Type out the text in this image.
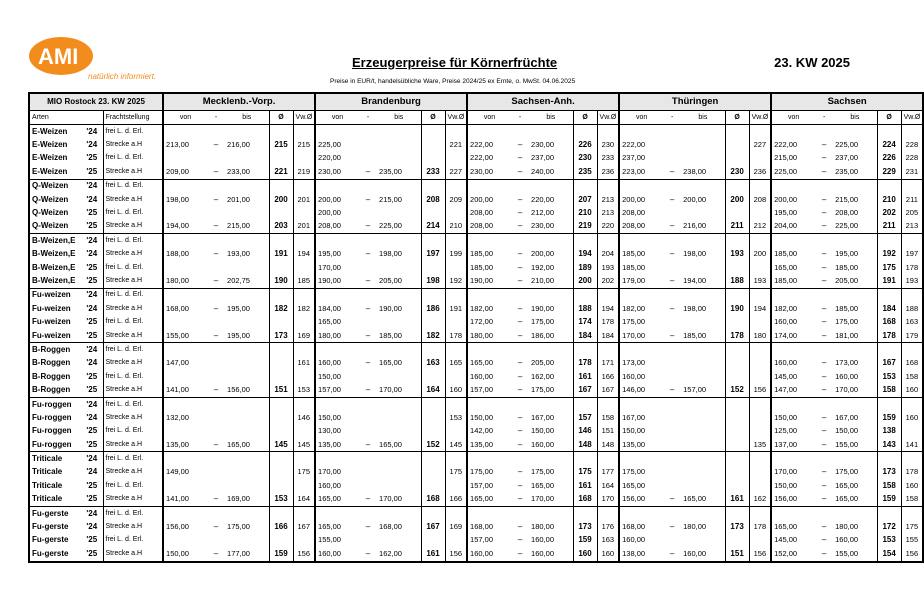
AMI
natürlich informiert.
Erzeugerpreise für Körnerfrüchte	23. KW 2025
Preise in EUR/t, handelsübliche Ware, Preise 2024/25 ex Ernte, o. MwSt. 04.06.2025
MIO Rostock 23. KW 2025			Mecklenb.-Vorp.					Brandenburg					Sachsen-Anh.					Thüringen					Sachsen				
Arten		Frachtstellung	von	-	bis	Ø	Vw.Ø	von	-	bis	Ø	Vw.Ø	von	-	bis	Ø	Vw.Ø	von	-	bis	Ø	Vw.Ø	von	-	bis	Ø	Vw.Ø
E-Weizen	'24	frei L. d. Erl.																									
E-Weizen	'24	Strecke a.H	213,00	–	216,00	215	215	225,00				221	222,00	–	230,00	226	230	222,00				227	222,00	–	225,00	224	228
E-Weizen	'25	frei L. d. Erl.						220,00					222,00	–	237,00	230	233	237,00					215,00	–	237,00	226	228
E-Weizen	'25	Strecke a.H	209,00	–	233,00	221	219	230,00	–	235,00	233	227	230,00	–	240,00	235	236	223,00	–	238,00	230	236	225,00	–	235,00	229	231
Q-Weizen	'24	frei L. d. Erl.																									
Q-Weizen	'24	Strecke a.H	198,00	–	201,00	200	201	200,00	–	215,00	208	209	200,00	–	220,00	207	213	200,00	–	200,00	200	208	200,00	–	215,00	210	211
Q-Weizen	'25	frei L. d. Erl.						200,00					208,00	–	212,00	210	213	208,00					195,00	–	208,00	202	205
Q-Weizen	'25	Strecke a.H	194,00	–	215,00	203	201	208,00	–	225,00	214	210	208,00	–	230,00	219	220	208,00	–	216,00	211	212	204,00	–	225,00	211	213
B-Weizen,E	'24	frei L. d. Erl.																									
B-Weizen,E	'24	Strecke a.H	188,00	–	193,00	191	194	195,00	–	198,00	197	199	185,00	–	200,00	194	204	185,00	–	198,00	193	200	185,00	–	195,00	192	197
B-Weizen,E	'25	frei L. d. Erl.						170,00					185,00	–	192,00	189	193	185,00					165,00	–	185,00	175	178
B-Weizen,E	'25	Strecke a.H	180,00	–	202,75	190	185	190,00	–	205,00	198	192	190,00	–	210,00	200	202	179,00	–	194,00	188	193	185,00	–	205,00	191	193
Fu-weizen	'24	frei L. d. Erl.																									
Fu-weizen	'24	Strecke a.H	168,00	–	195,00	182	182	184,00	–	190,00	186	191	182,00	–	190,00	188	194	182,00	–	198,00	190	194	182,00	–	185,00	184	188
Fu-weizen	'25	frei L. d. Erl.						165,00					172,00	–	175,00	174	178	175,00					160,00	–	175,00	168	163
Fu-weizen	'25	Strecke a.H	155,00	–	195,00	173	169	180,00	–	185,00	182	178	180,00	–	186,00	184	184	170,00	–	185,00	178	180	174,00	–	181,00	178	179
B-Roggen	'24	frei L. d. Erl.																									
B-Roggen	'24	Strecke a.H	147,00				161	160,00	–	165,00	163	165	165,00	–	205,00	178	171	173,00					160,00	–	173,00	167	168
B-Roggen	'25	frei L. d. Erl.						150,00					160,00	–	162,00	161	166	160,00					145,00	–	160,00	153	158
B-Roggen	'25	Strecke a.H	141,00	–	156,00	151	153	157,00	–	170,00	164	160	157,00	–	175,00	167	167	146,00	–	157,00	152	156	147,00	–	170,00	158	160
Fu-roggen	'24	frei L. d. Erl.																									
Fu-roggen	'24	Strecke a.H	132,00				146	150,00				153	150,00	–	167,00	157	158	167,00					150,00	–	167,00	159	160
Fu-roggen	'25	frei L. d. Erl.						130,00					142,00	–	150,00	146	151	150,00					125,00	–	150,00	138	
Fu-roggen	'25	Strecke a.H	135,00	–	165,00	145	145	135,00	–	165,00	152	145	135,00	–	160,00	148	148	135,00				135	137,00	–	155,00	143	141
Triticale	'24	frei L. d. Erl.																									
Triticale	'24	Strecke a.H	149,00				175	170,00				175	175,00	–	175,00	175	177	175,00					170,00	–	175,00	173	178
Triticale	'25	frei L. d. Erl.						160,00					157,00	–	165,00	161	164	165,00					150,00	–	165,00	158	160
Triticale	'25	Strecke a.H	141,00	–	169,00	153	164	165,00	–	170,00	168	166	165,00	–	170,00	168	170	156,00	–	165,00	161	162	156,00	–	165,00	159	158
Fu-gerste	'24	frei L. d. Erl.																									
Fu-gerste	'24	Strecke a.H	156,00	–	175,00	166	167	165,00	–	168,00	167	169	168,00	–	180,00	173	176	168,00	–	180,00	173	178	165,00	–	180,00	172	175
Fu-gerste	'25	frei L. d. Erl.						155,00					157,00	–	160,00	159	163	160,00					145,00	–	160,00	153	155
Fu-gerste	'25	Strecke a.H	150,00	–	177,00	159	156	160,00	–	162,00	161	156	160,00	–	160,00	160	160	138,00	–	160,00	151	156	152,00	–	155,00	154	156
